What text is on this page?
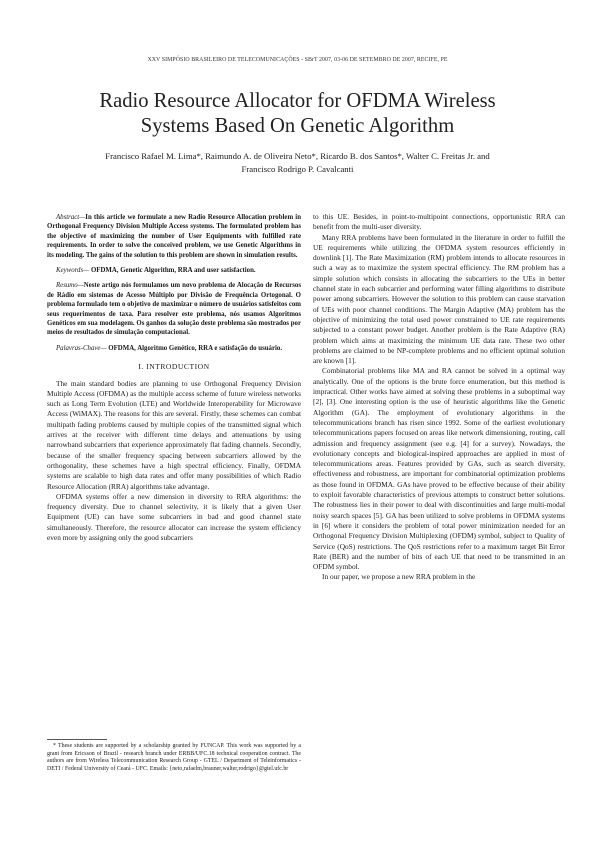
XXV SIMPÓSIO BRASILEIRO DE TELECOMUNICAÇÕES - SBrT 2007, 03-06 DE SETEMBRO DE 2007, RECIFE, PE
Radio Resource Allocator for OFDMA Wireless
Systems Based On Genetic Algorithm
Francisco Rafael M. Lima*, Raimundo A. de Oliveira Neto*, Ricardo B. dos Santos*, Walter C. Freitas Jr. and
Francisco Rodrigo P. Cavalcanti

Abstract—In this article we formulate a new Radio Resource Allocation problem in Orthogonal Frequency Division Multiple Access systems. The formulated problem has the objective of maximizing the number of User Equipments with fulfilled rate requirements. In order to solve the conceived problem, we use Genetic Algorithms in its modeling. The gains of the solution to this problem are shown in simulation results.

Keywords— OFDMA, Genetic Algorithm, RRA and user satisfaction.

Resumo—Neste artigo nós formulamos um novo problema de Alocação de Recursos de Rádio em sistemas de Acesso Múltiplo por Divisão de Frequência Ortogonal. O problema formulado tem o objetivo de maximizar o número de usuários satisfeitos com seus requerimentos de taxa. Para resolver este problema, nós usamos Algoritmos Genéticos em sua modelagem. Os ganhos da solução deste problema são mostrados por meios de resultados de simulação computacional.

Palavras-Chave— OFDMA, Algoritmo Genético, RRA e satisfação do usuário.

I. INTRODUCTION

The main standard bodies are planning to use Orthogonal Frequency Division Multiple Access (OFDMA) as the multiple access scheme of future wireless networks such as Long Term Evolution (LTE) and Worldwide Interoperability for Microwave Access (WiMAX). The reasons for this are several. Firstly, these schemes can combat multipath fading problems caused by multiple copies of the transmitted signal which arrives at the receiver with different time delays and attenuations by using narrowband subcarriers that experience approximately flat fading channels. Secondly, because of the smaller frequency spacing between subcarriers allowed by the orthogonality, these schemes have a high spectral efficiency. Finally, OFDMA systems are scalable to high data rates and offer many possibilities of which Radio Resource Allocation (RRA) algorithms take advantage.

OFDMA systems offer a new dimension in diversity to RRA algorithms: the frequency diversity. Due to channel selectivity, it is likely that a given User Equipment (UE) can have some subcarriers in bad and good channel state simultaneously. Therefore, the resource allocator can increase the system efficiency even more by assigning only the good subcarriers

* These students are supported by a scholarship granted by FUNCAP. This work was supported by a grant from Ericsson of Brazil - research branch under ERBB/UFC.18 technical cooperation contract. The authors are from Wireless Telecommunication Research Group - GTEL / Department of Teleinformatics - DETI / Federal University of Ceará - UFC. Emails: {neto,rafaelm,brauner,walter,rodrigo}@gtel.ufc.br

to this UE. Besides, in point-to-multipoint connections, opportunistic RRA can benefit from the multi-user diversity.

Many RRA problems have been formulated in the literature in order to fulfill the UE requirements while utilizing the OFDMA system resources efficiently in downlink [1]. The Rate Maximization (RM) problem intends to allocate resources in such a way as to maximize the system spectral efficiency. The RM problem has a simple solution which consists in allocating the subcarriers to the UEs in better channel state in each subcarrier and performing water filling algorithms to distribute power among subcarriers. However the solution to this problem can cause starvation of UEs with poor channel conditions. The Margin Adaptive (MA) problem has the objective of minimizing the total used power constrained to UE rate requirements subjected to a constant power budget. Another problem is the Rate Adaptive (RA) problem which aims at maximizing the minimum UE data rate. These two other problems are claimed to be NP-complete problems and no efficient optimal solution are known [1].

Combinatorial problems like MA and RA cannot be solved in a optimal way analytically. One of the options is the brute force enumeration, but this method is impractical. Other works have aimed at solving these problems in a suboptimal way [2], [3]. One interesting option is the use of heuristic algorithms like the Genetic Algorithm (GA). The employment of evolutionary algorithms in the telecommunications branch has risen since 1992. Some of the earliest evolutionary telecommunications papers focused on areas like network dimensioning, routing, call admission and frequency assignment (see e.g. [4] for a survey). Nowadays, the evolutionary concepts and biological-inspired approaches are applied in most of telecommunications areas. Features provided by GAs, such as search diversity, effectiveness and robustness, are important for combinatorial optimization problems as those found in OFDMA. GAs have proved to be effective because of their ability to exploit favorable characteristics of previous attempts to construct better solutions. The robustness lies in their power to deal with discontinuities and large multi-modal noisy search spaces [5]. GA has been utilized to solve problems in OFDMA systems in [6] where it considers the problem of total power minimization needed for an Orthogonal Frequency Division Multiplexing (OFDM) symbol, subject to Quality of Service (QoS) restrictions. The QoS restrictions refer to a maximum target Bit Error Rate (BER) and the number of bits of each UE that need to be transmitted in an OFDM symbol.

In our paper, we propose a new RRA problem in the
